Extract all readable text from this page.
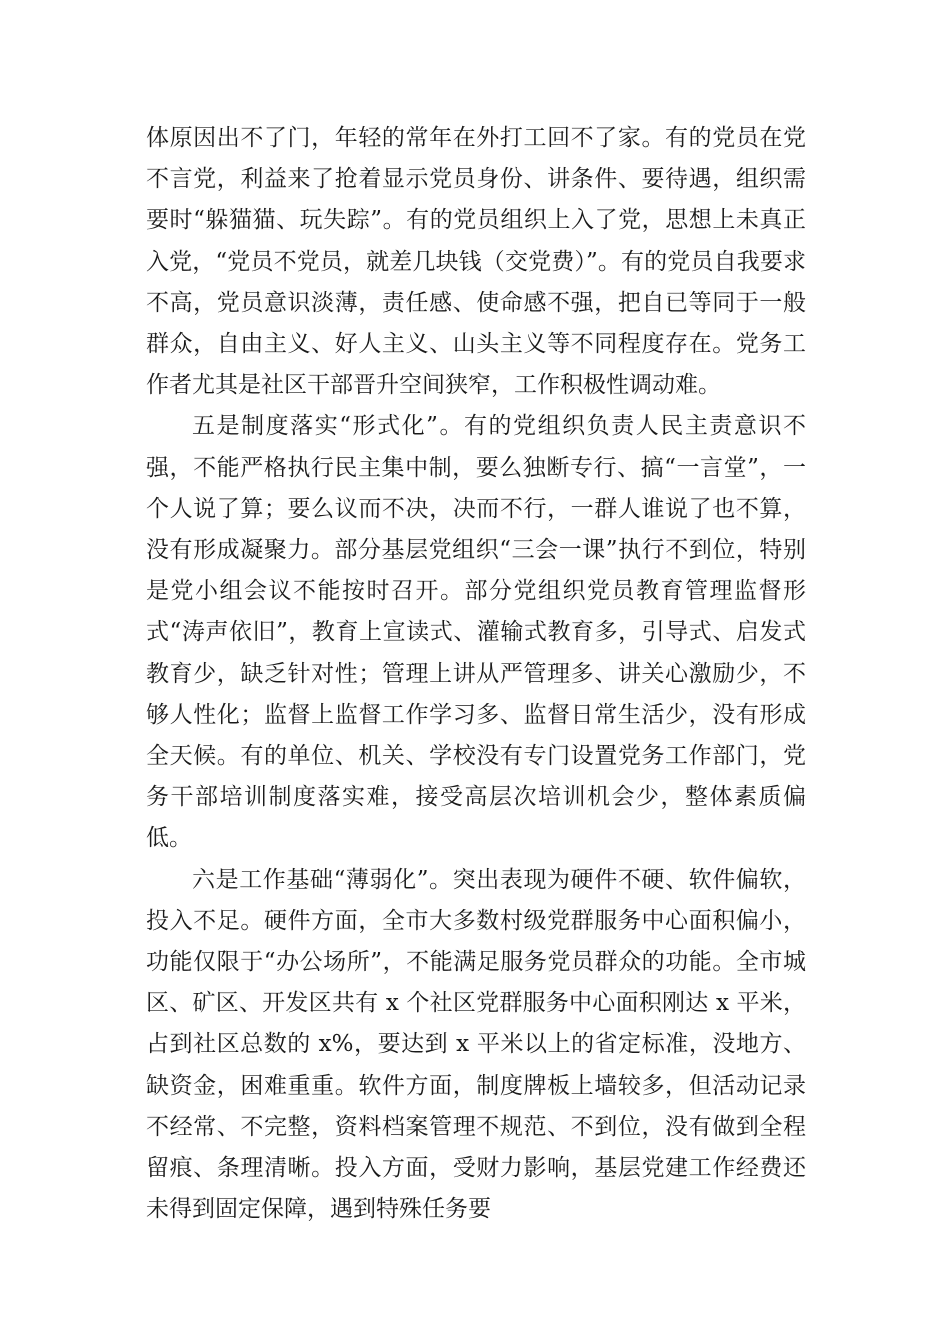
体原因出不了门，年轻的常年在外打工回不了家。有的党员在党不言党，利益来了抢着显示党员身份、讲条件、要待遇，组织需要时“躲猫猫、玩失踪”。有的党员组织上入了党，思想上未真正入党，“党员不党员，就差几块钱（交党费）”。有的党员自我要求不高，党员意识淡薄，责任感、使命感不强，把自已等同于一般群众，自由主义、好人主义、山头主义等不同程度存在。党务工作者尤其是社区干部晋升空间狭窄，工作积极性调动难。

五是制度落实“形式化”。有的党组织负责人民主责意识不强，不能严格执行民主集中制，要么独断专行、搞“一言堂”，一个人说了算；要么议而不决，决而不行，一群人谁说了也不算，没有形成凝聚力。部分基层党组织“三会一课”执行不到位，特别是党小组会议不能按时召开。部分党组织党员教育管理监督形式“涛声依旧”，教育上宣读式、灌输式教育多，引导式、启发式教育少，缺乏针对性；管理上讲从严管理多、讲关心激励少，不够人性化；监督上监督工作学习多、监督日常生活少，没有形成全天候。有的单位、机关、学校没有专门设置党务工作部门，党务干部培训制度落实难，接受高层次培训机会少，整体素质偏低。

六是工作基础“薄弱化”。突出表现为硬件不硬、软件偏软，投入不足。硬件方面，全市大多数村级党群服务中心面积偏小，功能仅限于“办公场所”，不能满足服务党员群众的功能。全市城区、矿区、开发区共有 x 个社区党群服务中心面积刚达 x 平米，占到社区总数的 x%，要达到 x 平米以上的省定标准，没地方、缺资金，困难重重。软件方面，制度牌板上墙较多，但活动记录不经常、不完整，资料档案管理不规范、不到位，没有做到全程留痕、条理清晰。投入方面，受财力影响，基层党建工作经费还未得到固定保障，遇到特殊任务要
